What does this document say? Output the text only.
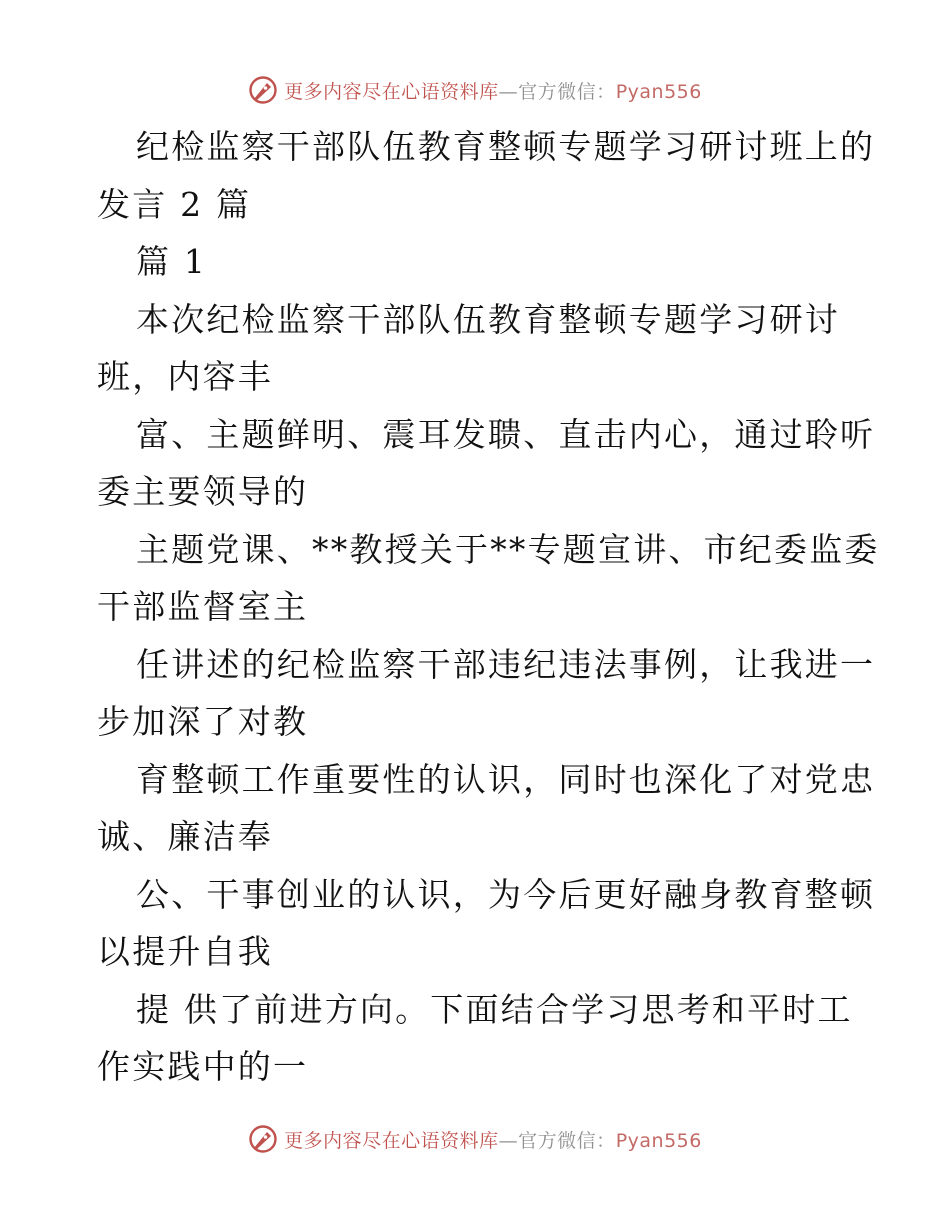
更多内容尽在心语资料库—官方微信：Pyan556
纪检监察干部队伍教育整顿专题学习研讨班上的
发言 2 篇
篇 1
本次纪检监察干部队伍教育整顿专题学习研讨
班，内容丰
富、主题鲜明、震耳发聩、直击内心，通过聆听
委主要领导的
主题党课、**教授关于**专题宣讲、市纪委监委
干部监督室主
任讲述的纪检监察干部违纪违法事例，让我进一
步加深了对教
育整顿工作重要性的认识，同时也深化了对党忠
诚、廉洁奉
公、干事创业的认识，为今后更好融身教育整顿
以提升自我
提 供了前进方向。下面结合学习思考和平时工
作实践中的一
更多内容尽在心语资料库—官方微信：Pyan556
